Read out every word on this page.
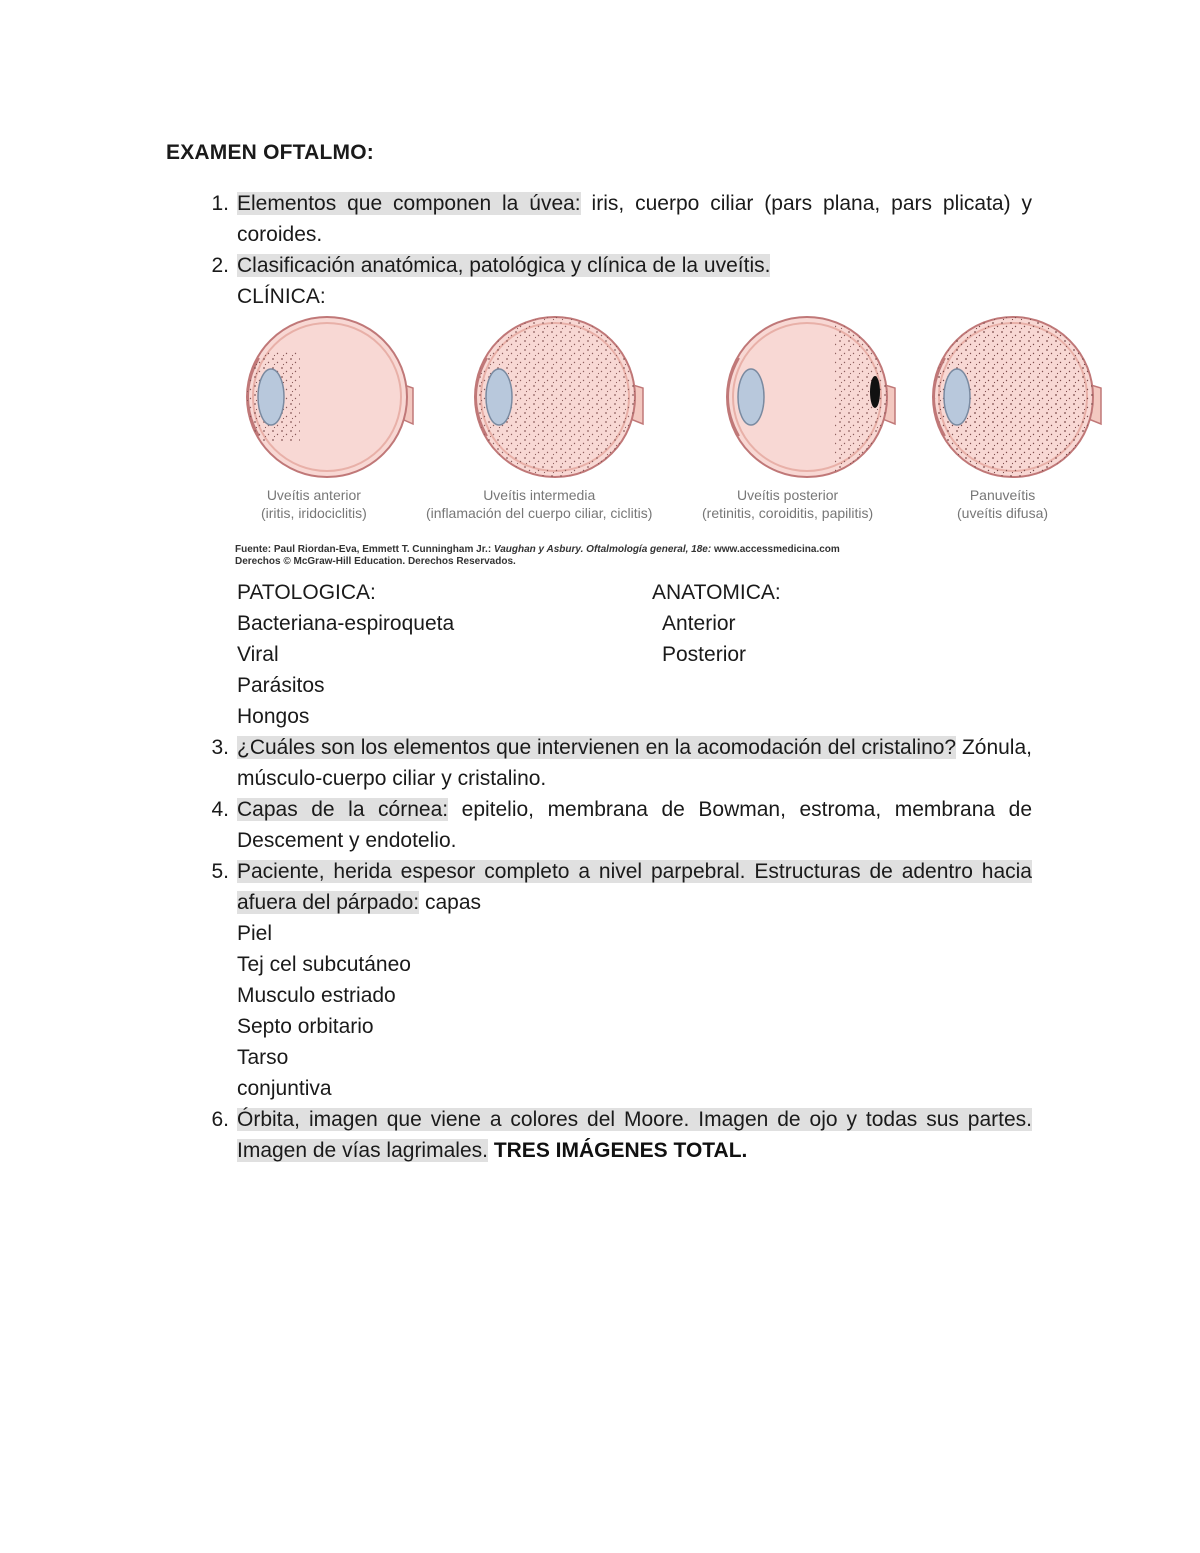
EXAMEN OFTALMO:
1. Elementos que componen la úvea: iris, cuerpo ciliar (pars plana, pars plicata) y coroides.

2. Clasificación anatómica, patológica y clínica de la uveítis.

CLÍNICA:

Uveítis anterior
(iritis, iridociclitis)
Uveítis intermedia
(inflamación del cuerpo ciliar, ciclitis)
Uveítis posterior
(retinitis, coroiditis, papilitis)
Panuveítis
(uveítis difusa)
Fuente: Paul Riordan-Eva, Emmett T. Cunningham Jr.: Vaughan y Asbury. Oftalmología general, 18e: www.accessmedicina.com
Derechos © McGraw-Hill Education. Derechos Reservados.

PATOLOGICA:

Bacteriana-espiroqueta

Viral

Parásitos

Hongos

ANATOMICA:

Anterior

Posterior

3. ¿Cuáles son los elementos que intervienen en la acomodación del cristalino? Zónula, músculo-cuerpo ciliar y cristalino.

4. Capas de la córnea: epitelio, membrana de Bowman, estroma, membrana de Descement y endotelio.

5. Paciente, herida espesor completo a nivel parpebral. Estructuras de adentro hacia afuera del párpado: capas

Piel

Tej cel subcutáneo

Musculo estriado

Septo orbitario

Tarso

conjuntiva

6. Órbita, imagen que viene a colores del Moore. Imagen de ojo y todas sus partes. Imagen de vías lagrimales. TRES IMÁGENES TOTAL.
